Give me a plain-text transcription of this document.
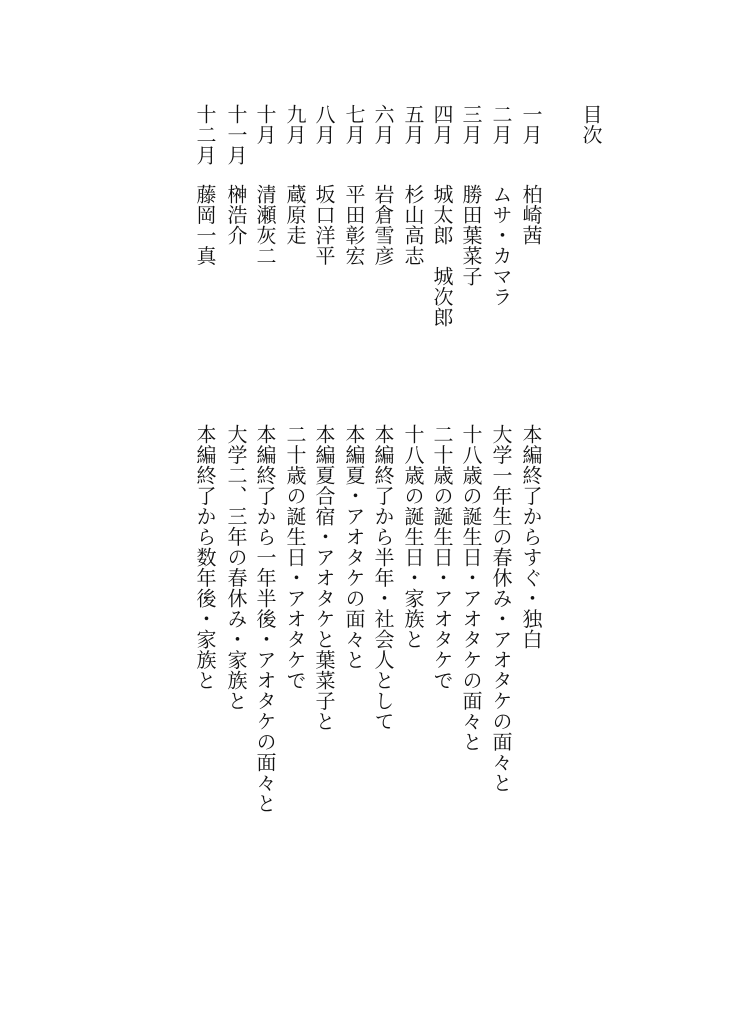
目次
一月
柏崎茜
本編終了からすぐ・独白
二月
ムサ・カマラ
大学一年生の春休み・アオタケの面々と
三月
勝田葉菜子
十八歳の誕生日・アオタケの面々と
四月
城太郎　城次郎
二十歳の誕生日・アオタケで
五月
杉山高志
十八歳の誕生日・家族と
六月
岩倉雪彦
本編終了から半年・社会人として
七月
平田彰宏
本編夏・アオタケの面々と
八月
坂口洋平
本編夏合宿・アオタケと葉菜子と
九月
蔵原走
二十歳の誕生日・アオタケで
十月
清瀬灰二
本編終了から一年半後・アオタケの面々と
十一月
榊浩介
大学二、三年の春休み・家族と
十二月
藤岡一真
本編終了から数年後・家族と
